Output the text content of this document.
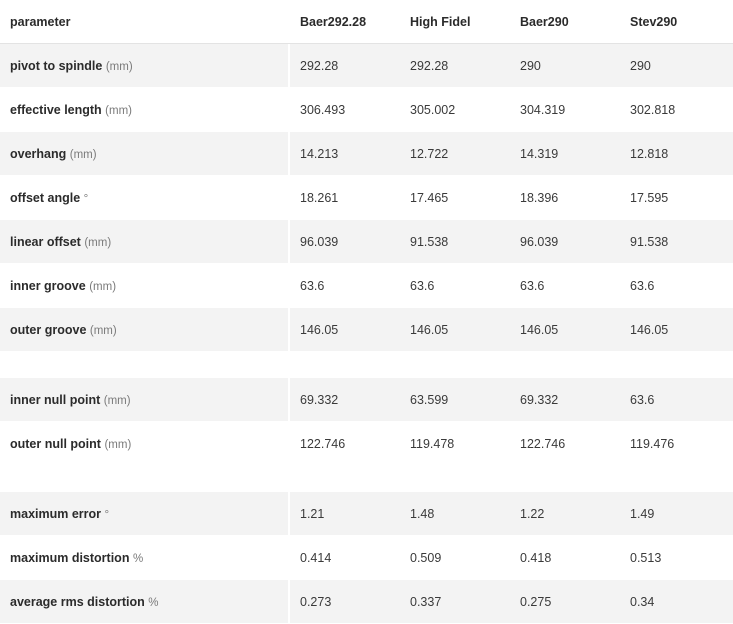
parameter	Baer292.28	High Fidel	Baer290	Stev290
pivot to spindle (mm)	292.28	292.28	290	290
effective length (mm)	306.493	305.002	304.319	302.818
overhang (mm)	14.213	12.722	14.319	12.818
offset angle °	18.261	17.465	18.396	17.595
linear offset (mm)	96.039	91.538	96.039	91.538
inner groove (mm)	63.6	63.6	63.6	63.6
outer groove (mm)	146.05	146.05	146.05	146.05

inner null point (mm)	69.332	63.599	69.332	63.6
outer null point (mm)	122.746	119.478	122.746	119.476

maximum error °	1.21	1.48	1.22	1.49
maximum distortion %	0.414	0.509	0.418	0.513
average rms distortion %	0.273	0.337	0.275	0.34
